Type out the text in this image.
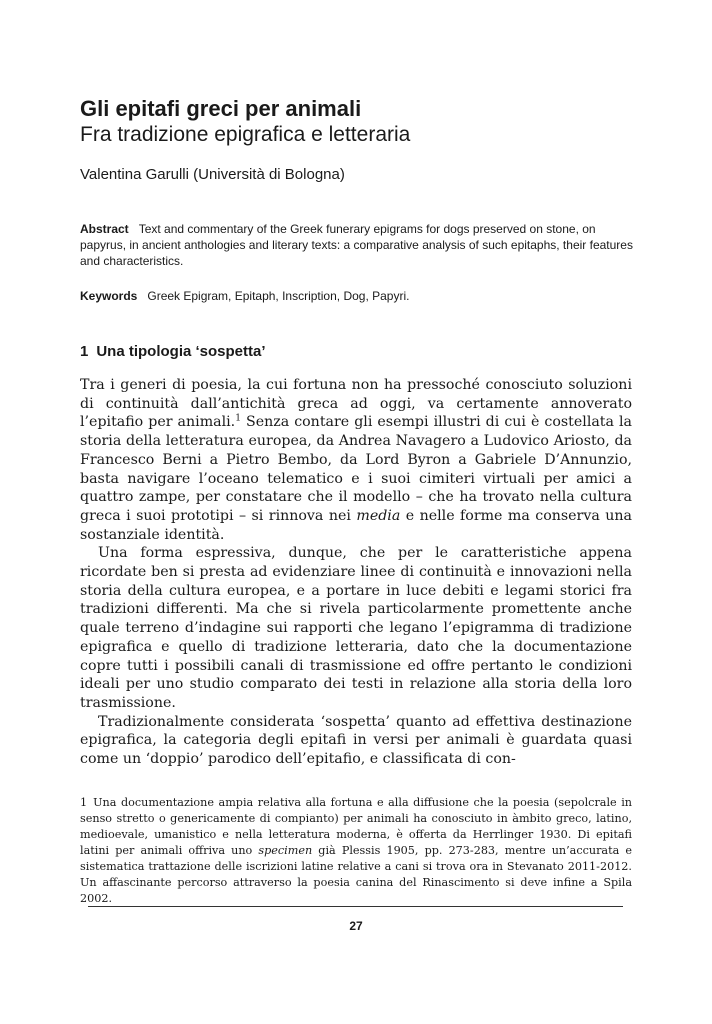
Gli epitafi greci per animali
Fra tradizione epigrafica e letteraria
Valentina Garulli (Università di Bologna)
Abstract Text and commentary of the Greek funerary epigrams for dogs preserved on stone, on papyrus, in ancient anthologies and literary texts: a comparative analysis of such epitaphs, their features and characteristics.
Keywords Greek Epigram, Epitaph, Inscription, Dog, Papyri.
1 Una tipologia ‘sospetta’

Tra i generi di poesia, la cui fortuna non ha pressoché conosciuto soluzioni di continuità dall’antichità greca ad oggi, va certamente annoverato l’epitafio per animali.$^1$ Senza contare gli esempi illustri di cui è costellata la storia della letteratura europea, da Andrea Navagero a Ludovico Ariosto, da Francesco Berni a Pietro Bembo, da Lord Byron a Gabriele D’Annunzio, basta navigare l’oceano telematico e i suoi cimiteri virtuali per amici a quattro zampe, per constatare che il modello – che ha trovato nella cultura greca i suoi prototipi – si rinnova nei media e nelle forme ma conserva una sostanziale identità.

Una forma espressiva, dunque, che per le caratteristiche appena ricordate ben si presta ad evidenziare linee di continuità e innovazioni nella storia della cultura europea, e a portare in luce debiti e legami storici fra tradizioni differenti. Ma che si rivela particolarmente promettente anche quale terreno d’indagine sui rapporti che legano l’epigramma di tradizione epigrafica e quello di tradizione letteraria, dato che la documentazione copre tutti i possibili canali di trasmissione ed offre pertanto le condizioni ideali per uno studio comparato dei testi in relazione alla storia della loro trasmissione.

Tradizionalmente considerata ‘sospetta’ quanto ad effettiva destinazione epigrafica, la categoria degli epitafi in versi per animali è guardata quasi come un ‘doppio’ parodico dell’epitafio, e classificata di con-

1 Una documentazione ampia relativa alla fortuna e alla diffusione che la poesia (sepolcrale in senso stretto o genericamente di compianto) per animali ha conosciuto in àmbito greco, latino, medioevale, umanistico e nella letteratura moderna, è offerta da Herrlinger 1930. Di epitafi latini per animali offriva uno specimen già Plessis 1905, pp. 273-283, mentre un’accurata e sistematica trattazione delle iscrizioni latine relative a cani si trova ora in Stevanato 2011-2012. Un affascinante percorso attraverso la poesia canina del Rinascimento si deve infine a Spila 2002.
27
